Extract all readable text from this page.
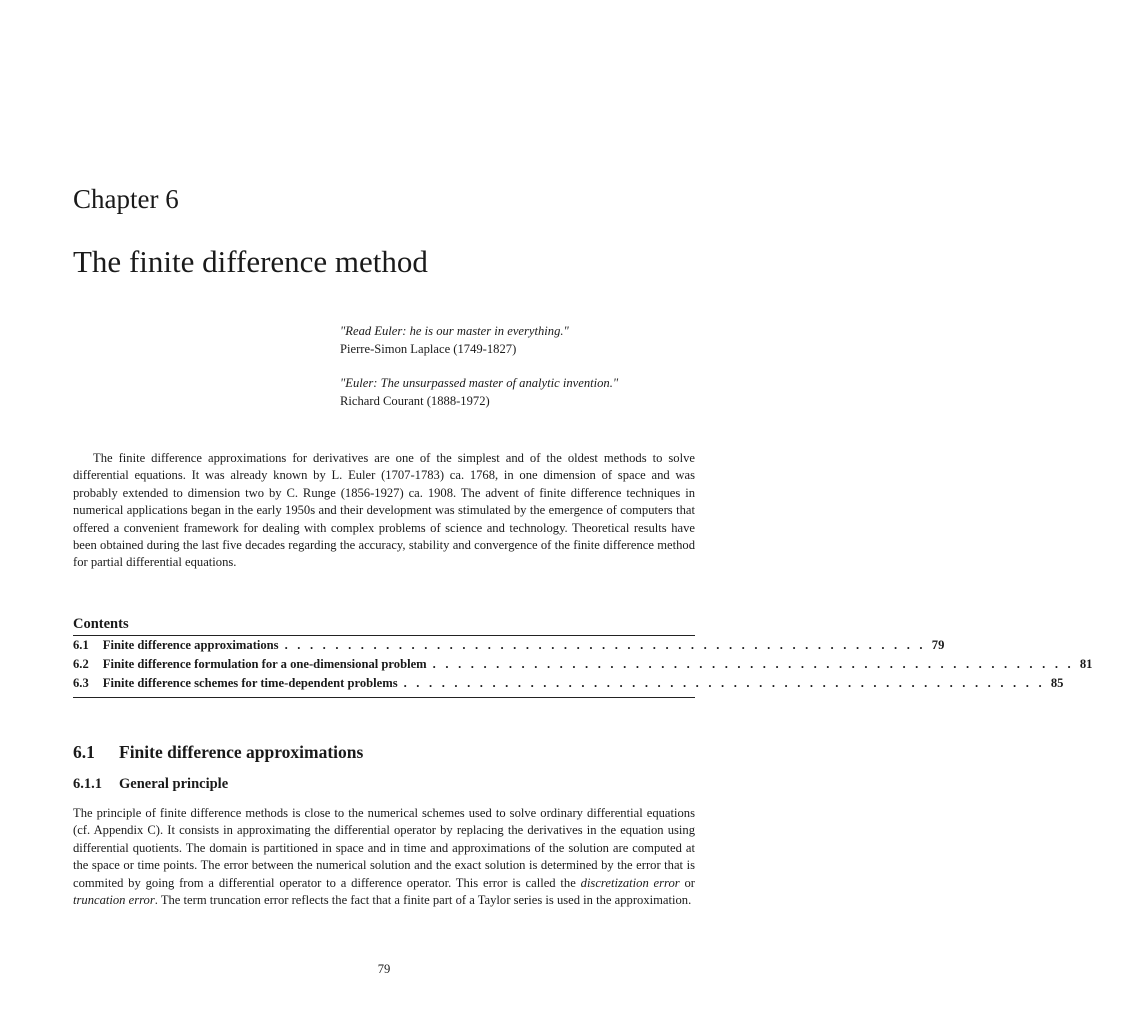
Chapter 6
The finite difference method
"Read Euler: he is our master in everything."
Pierre-Simon Laplace (1749-1827)
"Euler: The unsurpassed master of analytic invention."
Richard Courant (1888-1972)

The finite difference approximations for derivatives are one of the simplest and of the oldest methods to solve differential equations. It was already known by L. Euler (1707-1783) ca. 1768, in one dimension of space and was probably extended to dimension two by C. Runge (1856-1927) ca. 1908. The advent of finite difference techniques in numerical applications began in the early 1950s and their development was stimulated by the emergence of computers that offered a convenient framework for dealing with complex problems of science and technology. Theoretical results have been obtained during the last five decades regarding the accuracy, stability and convergence of the finite difference method for partial differential equations.

Contents
6.1	Finite difference approximations . . . . . . . . . . . . . . . . . . . . . . . . . . . . . . . . . . . . . . . . . . . . . . . . . . . 79
6.2	Finite difference formulation for a one-dimensional problem . . . . . . . . . . . . . . . . . . . . . . . . . . . . . . . . . . . . . . . . . . . . . . . . . . . 81
6.3	Finite difference schemes for time-dependent problems . . . . . . . . . . . . . . . . . . . . . . . . . . . . . . . . . . . . . . . . . . . . . . . . . . . 85
6.1 Finite difference approximations
6.1.1 General principle

The principle of finite difference methods is close to the numerical schemes used to solve ordinary differential equations (cf. Appendix C). It consists in approximating the differential operator by replacing the derivatives in the equation using differential quotients. The domain is partitioned in space and in time and approximations of the solution are computed at the space or time points. The error between the numerical solution and the exact solution is determined by the error that is commited by going from a differential operator to a difference operator. This error is called the discretization error or truncation error. The term truncation error reflects the fact that a finite part of a Taylor series is used in the approximation.

79
